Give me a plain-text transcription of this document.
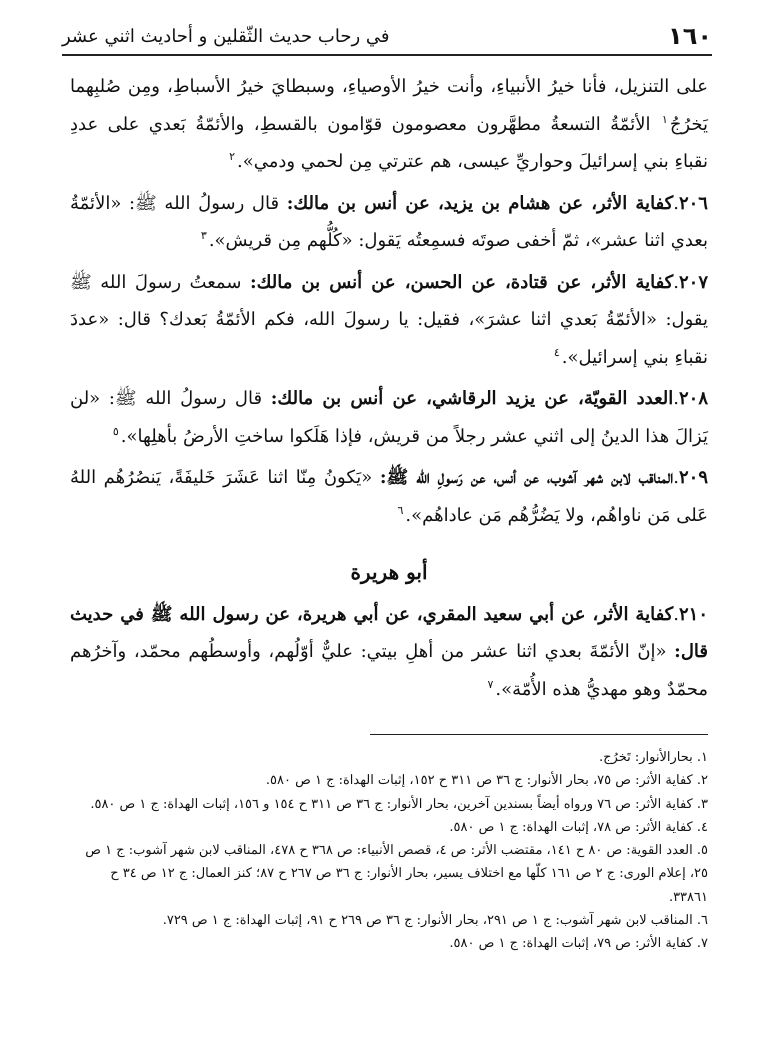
١٦٠
في رحاب حديث الثّقلين و أحاديث اثني عشر

على التنزيل، فأنا خيرُ الأنبياءِ، وأنت خيرُ الأوصياءِ، وسبطايَ خيرُ الأسباطِ، ومِن صُلبِهما يَخرُجُ$^١$ الأئمّةُ التسعةُ مطهَّرون معصومون قوّامون بالقسطِ، والأئمّةُ بَعدي على عددِ نقباءِ بني إسرائيلَ وحواريِّ عيسى، هم عترتي مِن لحمي ودمي».$^٢$

٢٠٦.كفاية الأثر، عن هشام بن يزيد، عن أنس بن مالك: قال رسولُ الله ﷺ: «الأئمّةُ بعدي اثنا عشر»، ثمّ أخفى صوتَه فسمِعتُه يَقول: «كُلُّهم مِن قريش».$^٣$

٢٠٧.كفاية الأثر، عن قتادة، عن الحسن، عن أنس بن مالك: سمعتُ رسولَ الله ﷺ يقول: «الأئمّةُ بَعدي اثنا عشرَ»، فقيل: يا رسولَ الله، فكم الأئمّةُ بَعدك؟ قال: «عددَ نقباءِ بني إسرائيل».$^٤$

٢٠٨.العدد القويّة، عن يزيد الرقاشي، عن أنس بن مالك: قال رسولُ الله ﷺ: «لن يَزالَ هذا الدينُ إلى اثني عشر رجلاً من قريش، فإذا هَلَكوا ساختِ الأرضُ بأهلِها».$^٥$

٢٠٩.المناقب لابن شهر آشوب، عن أنس، عن رَسولِ الله ﷺ: «يَكونُ مِنّا اثنا عَشَرَ خَليفَةً، يَنصُرُهُم اللهُ عَلى مَن ناواهُم، ولا يَضُرُّهُم مَن عاداهُم».$^٦$

أبو هريرة

٢١٠.كفاية الأثر، عن أبي سعيد المقري، عن أبي هريرة، عن رسول الله ﷺ في حديث قال: «إنّ الأئمّةَ بعدي اثنا عشر من أهلِ بيتي: عليٌّ أوّلُهم، وأوسطُهم محمّد، وآخرُهم محمّدٌ وهو مهديُّ هذه الأُمّة».$^٧$

١. بحارالأنوار: تَخرُج.

٢. كفاية الأثر: ص ٧٥، بحار الأنوار: ج ٣٦ ص ٣١١ ح ١٥٢، إثبات الهداة: ج ١ ص ٥٨٠.

٣. كفاية الأثر: ص ٧٦ ورواه أيضاً بسندين آخرين، بحار الأنوار: ج ٣٦ ص ٣١١ ح ١٥٤ و ١٥٦، إثبات الهداة: ج ١ ص ٥٨٠.

٤. كفاية الأثر: ص ٧٨، إثبات الهداة: ج ١ ص ٥٨٠.

٥. العدد القوية: ص ٨٠ ح ١٤١، مقتضب الأثر: ص ٤، قصص الأنبياء: ص ٣٦٨ ح ٤٧٨، المناقب لابن شهر آشوب: ج ١ ص ٢٥، إعلام الورى: ج ٢ ص ١٦١ كلّها مع اختلاف يسير، بحار الأنوار: ج ٣٦ ص ٢٦٧ ح ٨٧؛ كنز العمال: ج ١٢ ص ٣٤ ح ٣٣٨٦١.

٦. المناقب لابن شهر آشوب: ج ١ ص ٢٩١، بحار الأنوار: ج ٣٦ ص ٢٦٩ ح ٩١، إثبات الهداة: ج ١ ص ٧٢٩.

٧. كفاية الأثر: ص ٧٩، إثبات الهداة: ج ١ ص ٥٨٠.
